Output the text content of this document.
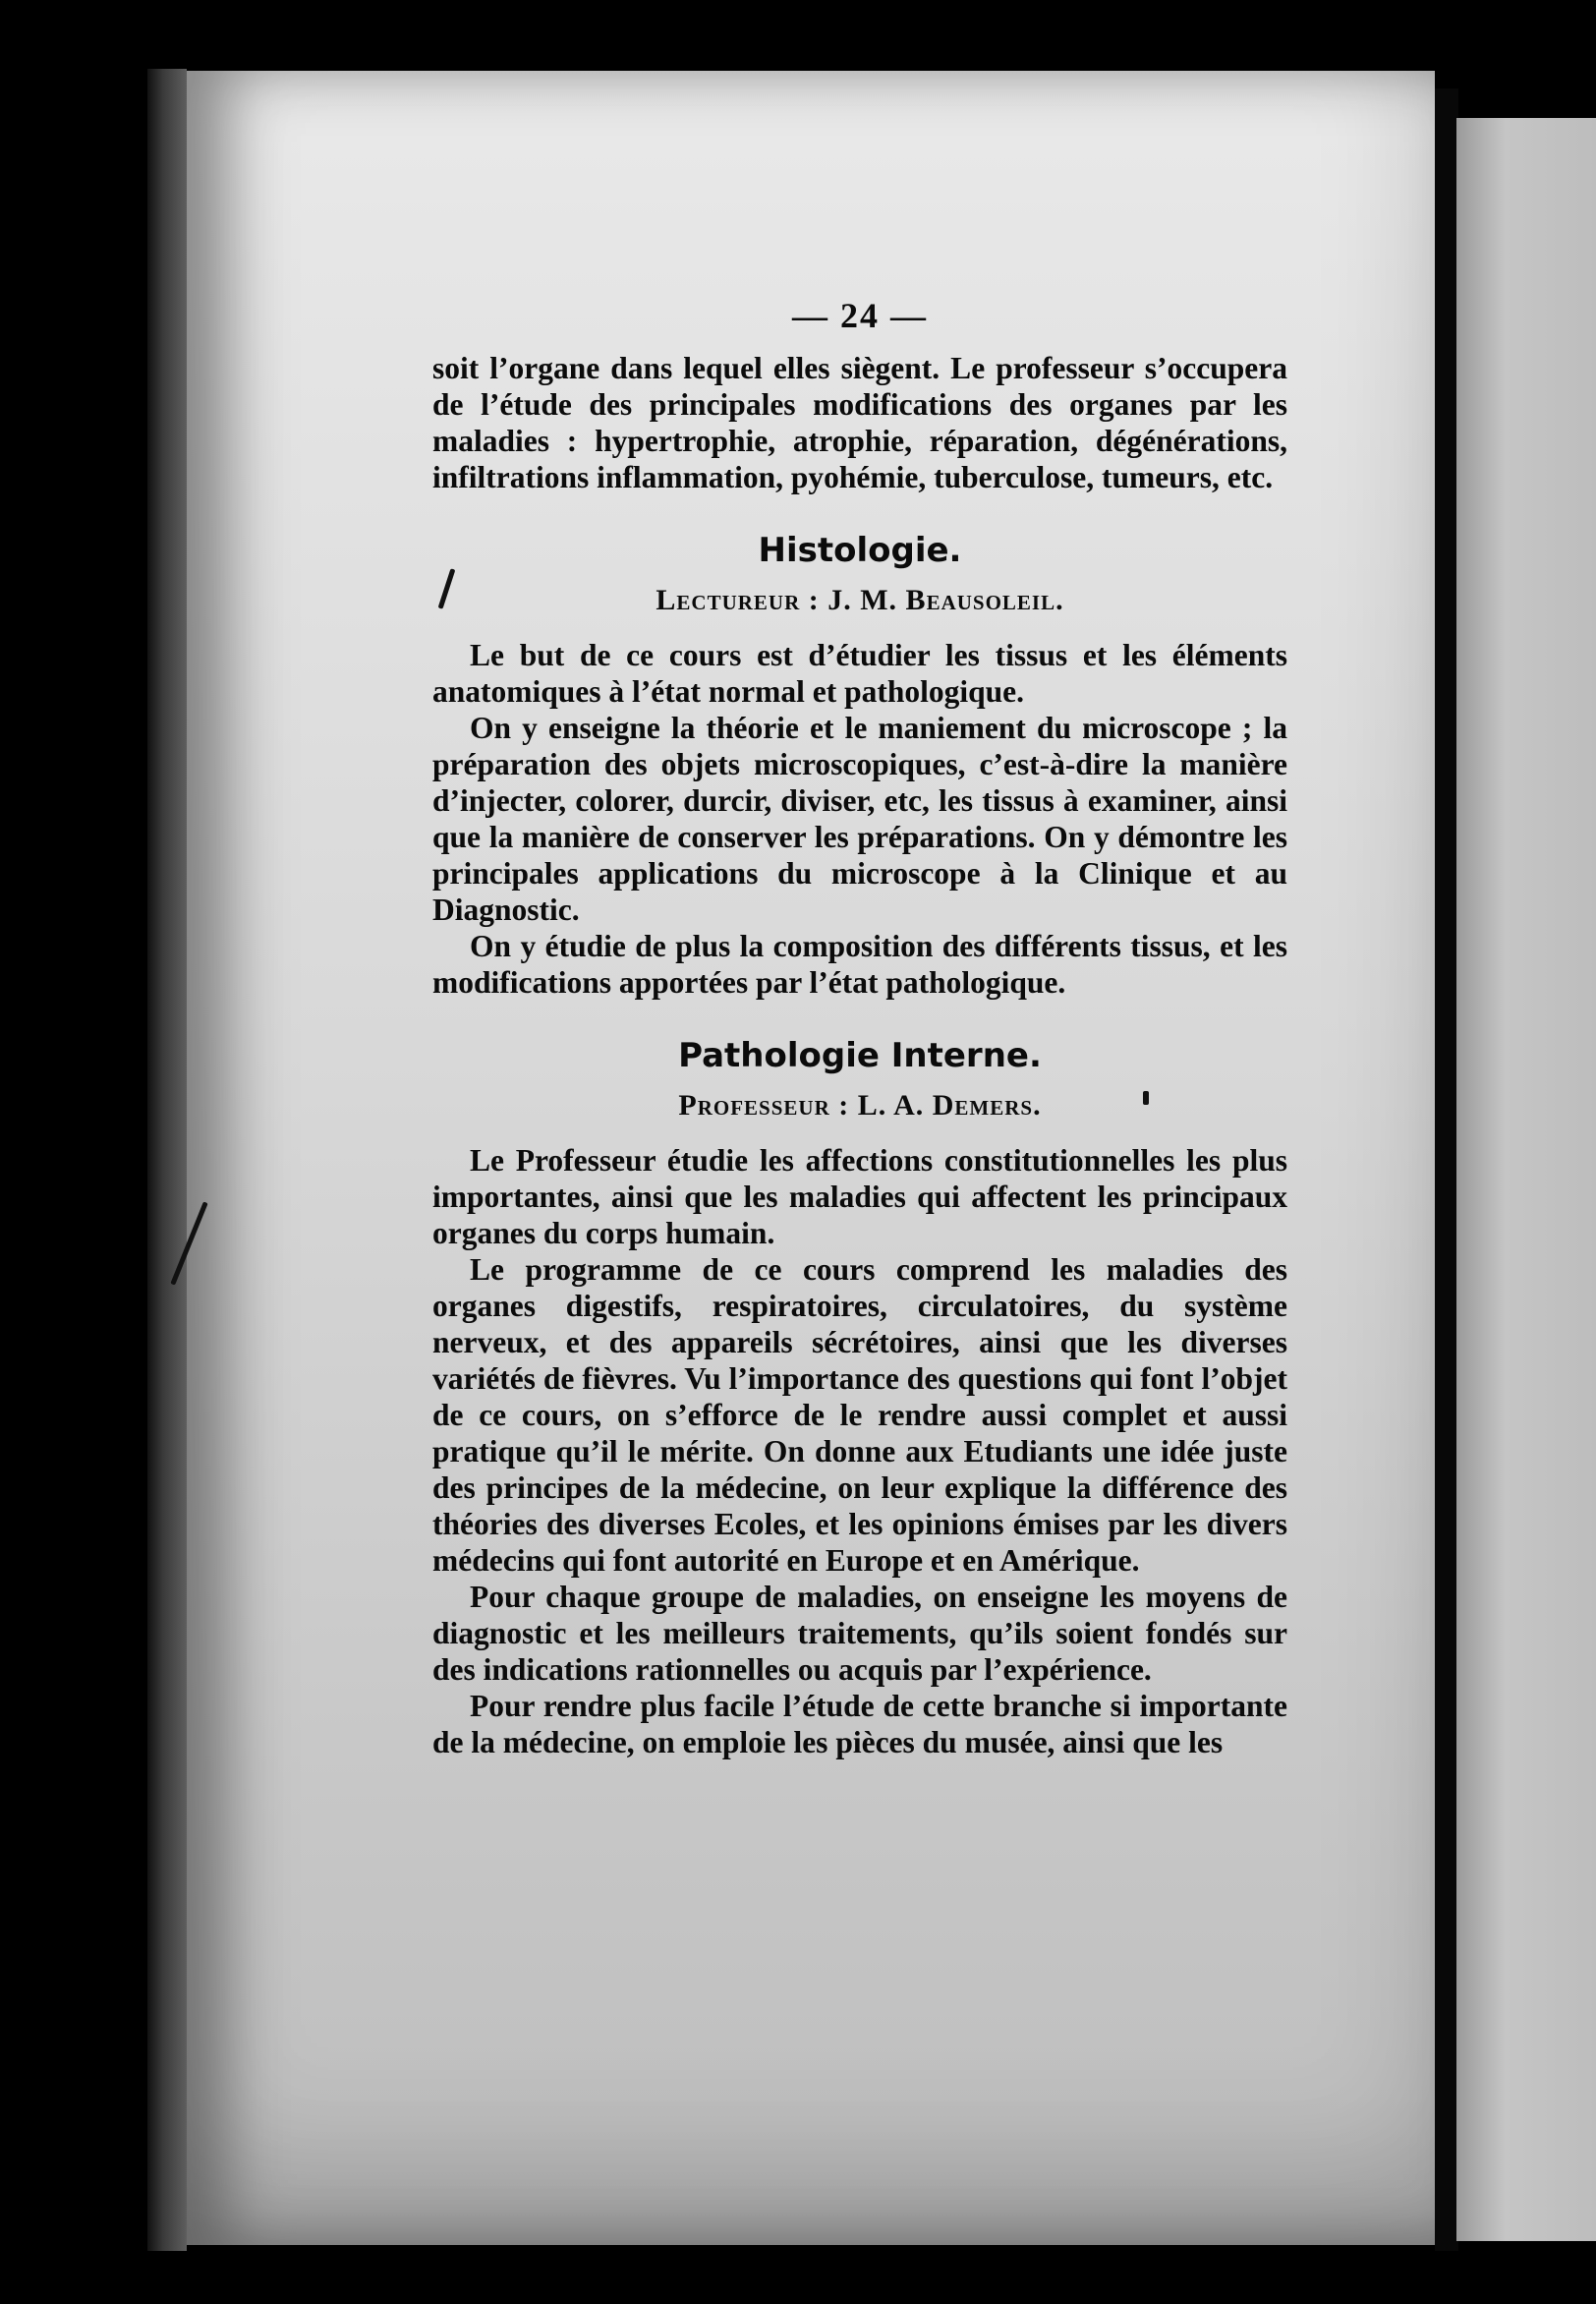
— 24 —

soit l’organe dans lequel elles siègent. Le professeur s’occupera de l’étude des principales modifications des organes par les maladies : hypertrophie, atrophie, réparation, dégénérations, infiltrations inflammation, pyohémie, tuberculose, tumeurs, etc.

Histologie.
Lectureur : J. M. Beausoleil.

Le but de ce cours est d’étudier les tissus et les éléments anatomiques à l’état normal et pathologique.

On y enseigne la théorie et le maniement du microscope ; la préparation des objets microscopiques, c’est-à-dire la manière d’injecter, colorer, durcir, diviser, etc, les tissus à examiner, ainsi que la manière de conserver les préparations. On y démontre les principales applications du microscope à la Clinique et au Diagnostic.

On y étudie de plus la composition des différents tissus, et les modifications apportées par l’état pathologique.

Pathologie Interne.
Professeur : L. A. Demers.

Le Professeur étudie les affections constitutionnelles les plus importantes, ainsi que les maladies qui affectent les principaux organes du corps humain.

Le programme de ce cours comprend les maladies des organes digestifs, respiratoires, circulatoires, du système nerveux, et des appareils sécrétoires, ainsi que les diverses variétés de fièvres. Vu l’importance des questions qui font l’objet de ce cours, on s’efforce de le rendre aussi complet et aussi pratique qu’il le mérite. On donne aux Etudiants une idée juste des principes de la médecine, on leur explique la différence des théories des diverses Ecoles, et les opinions émises par les divers médecins qui font autorité en Europe et en Amérique.

Pour chaque groupe de maladies, on enseigne les moyens de diagnostic et les meilleurs traitements, qu’ils soient fondés sur des indications rationnelles ou acquis par l’expérience.

Pour rendre plus facile l’étude de cette branche si importante de la médecine, on emploie les pièces du musée, ainsi que les
